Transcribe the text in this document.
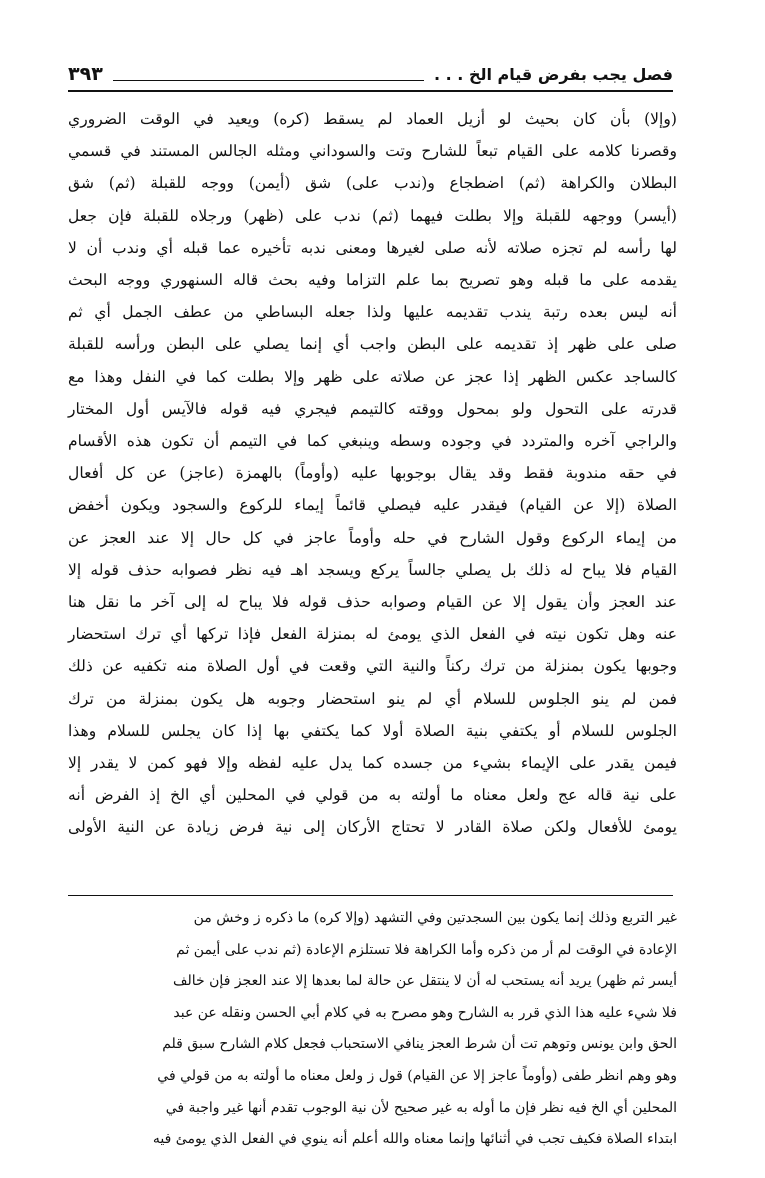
فصل يجب بفرض قيام الخ . . .
٣٩٣
(وإلا) بأن كان بحيث لو أزيل العماد لم يسقط (كره) ويعيد في الوقت الضروري
وقصرنا كلامه على القيام تبعاً للشارح وتت والسوداني ومثله الجالس المستند في قسمي
البطلان والكراهة (ثم) اضطجاع و(ندب على) شق (أيمن) ووجه للقبلة (ثم) شق
(أيسر) ووجهه للقبلة وإلا بطلت فيهما (ثم) ندب على (ظهر) ورجلاه للقبلة فإن جعل
لها رأسه لم تجزه صلاته لأنه صلى لغيرها ومعنى ندبه تأخيره عما قبله أي وندب أن لا
يقدمه على ما قبله وهو تصريح بما علم التزاما وفيه بحث قاله السنهوري ووجه البحث
أنه ليس بعده رتبة يندب تقديمه عليها ولذا جعله البساطي من عطف الجمل أي ثم
صلى على ظهر إذ تقديمه على البطن واجب أي إنما يصلي على البطن ورأسه للقبلة
كالساجد عكس الظهر إذا عجز عن صلاته على ظهر وإلا بطلت كما في النفل وهذا مع
قدرته على التحول ولو بمحول ووقته كالتيمم فيجري فيه قوله فالآيس أول المختار
والراجي آخره والمتردد في وجوده وسطه وينبغي كما في التيمم أن تكون هذه الأقسام
في حقه مندوبة فقط وقد يقال بوجوبها عليه (وأوماً) بالهمزة (عاجز) عن كل أفعال
الصلاة (إلا عن القيام) فيقدر عليه فيصلي قائماً إيماء للركوع والسجود ويكون أخفض
من إيماء الركوع وقول الشارح في حله وأوماً عاجز في كل حال إلا عند العجز عن
القيام فلا يباح له ذلك بل يصلي جالساً يركع ويسجد اهـ فيه نظر فصوابه حذف قوله إلا
عند العجز وأن يقول إلا عن القيام وصوابه حذف قوله فلا يباح له إلى آخر ما نقل هنا
عنه وهل تكون نيته في الفعل الذي يومئ له بمنزلة الفعل فإذا تركها أي ترك استحضار
وجوبها يكون بمنزلة من ترك ركناً والنية التي وقعت في أول الصلاة منه تكفيه عن ذلك
فمن لم ينو الجلوس للسلام أي لم ينو استحضار وجوبه هل يكون بمنزلة من ترك
الجلوس للسلام أو يكتفي بنية الصلاة أولا كما يكتفي بها إذا كان يجلس للسلام وهذا
فيمن يقدر على الإيماء بشيء من جسده كما يدل عليه لفظه وإلا فهو كمن لا يقدر إلا
على نية قاله عج ولعل معناه ما أولته به من قولي في المحلين أي الخ إذ الفرض أنه
يومئ للأفعال ولكن صلاة القادر لا تحتاج الأركان إلى نية فرض زيادة عن النية الأولى
غير التربع وذلك إنما يكون بين السجدتين وفي التشهد (وإلا كره) ما ذكره ز وخش من
الإعادة في الوقت لم أر من ذكره وأما الكراهة فلا تستلزم الإعادة (ثم ندب على أيمن ثم
أيسر ثم ظهر) يريد أنه يستحب له أن لا ينتقل عن حالة لما بعدها إلا عند العجز فإن خالف
فلا شيء عليه هذا الذي قرر به الشارح وهو مصرح به في كلام أبي الحسن ونقله عن عبد
الحق وابن يونس وتوهم تت أن شرط العجز ينافي الاستحباب فجعل كلام الشارح سبق قلم
وهو وهم انظر طفى (وأوماً عاجز إلا عن القيام) قول ز ولعل معناه ما أولته به من قولي في
المحلين أي الخ فيه نظر فإن ما أوله به غير صحيح لأن نية الوجوب تقدم أنها غير واجبة في
ابتداء الصلاة فكيف تجب في أثنائها وإنما معناه والله أعلم أنه ينوي في الفعل الذي يومئ فيه
